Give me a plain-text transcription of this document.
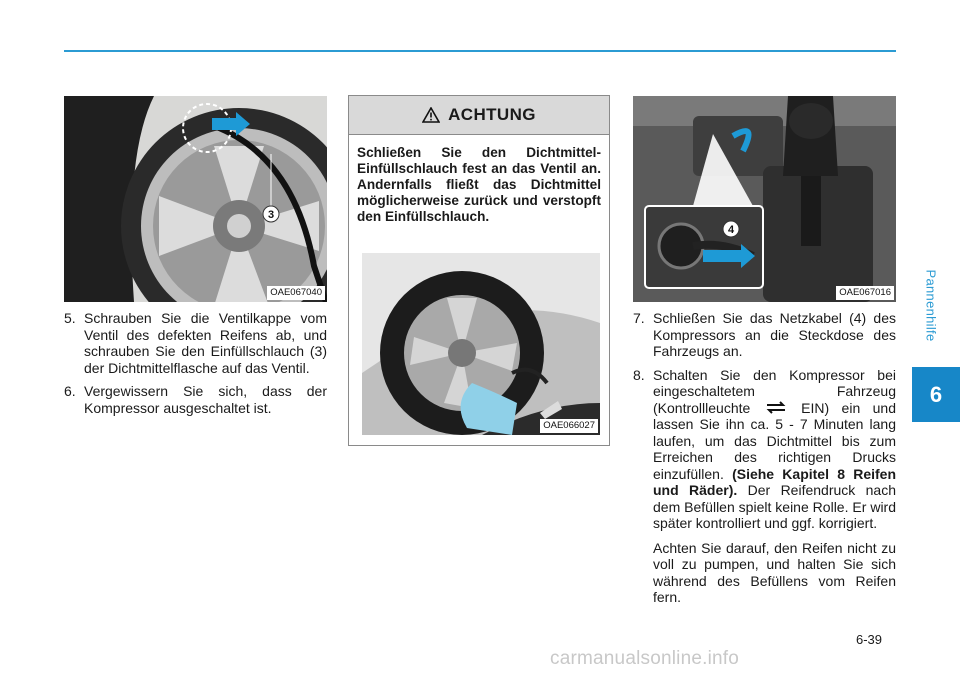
Pannenhilfe
6
3
OAE067040
5. Schrauben Sie die Ventilkappe vom Ventil des defekten Reifens ab, und schrauben Sie den Einfüllschlauch (3) der Dichtmittelflasche auf das Ventil.
6. Vergewissern Sie sich, dass der Kompressor ausgeschaltet ist.
ACHTUNG
Schließen Sie den Dichtmittel-Einfüllschlauch fest an das Ventil an. Andernfalls fließt das Dichtmittel möglicherweise zurück und verstopft den Einfüllschlauch.
OAE066027
4
OAE067016
7. Schließen Sie das Netzkabel (4) des Kompressors an die Steckdose des Fahrzeugs an.
8. Schalten Sie den Kompressor bei eingeschaltetem Fahrzeug (Kontrollleuchte	EIN) ein und lassen Sie ihn ca. 5 - 7 Minuten lang laufen, um das Dichtmittel bis zum Erreichen des richtigen Drucks einzufüllen. (Siehe Kapitel 8 Reifen und Räder). Der Reifendruck nach dem Befüllen spielt keine Rolle. Er wird später kontrolliert und ggf. korrigiert.

Achten Sie darauf, den Reifen nicht zu voll zu pumpen, und halten Sie sich während des Befüllens vom Reifen fern.

6-39
carmanualsonline.info
